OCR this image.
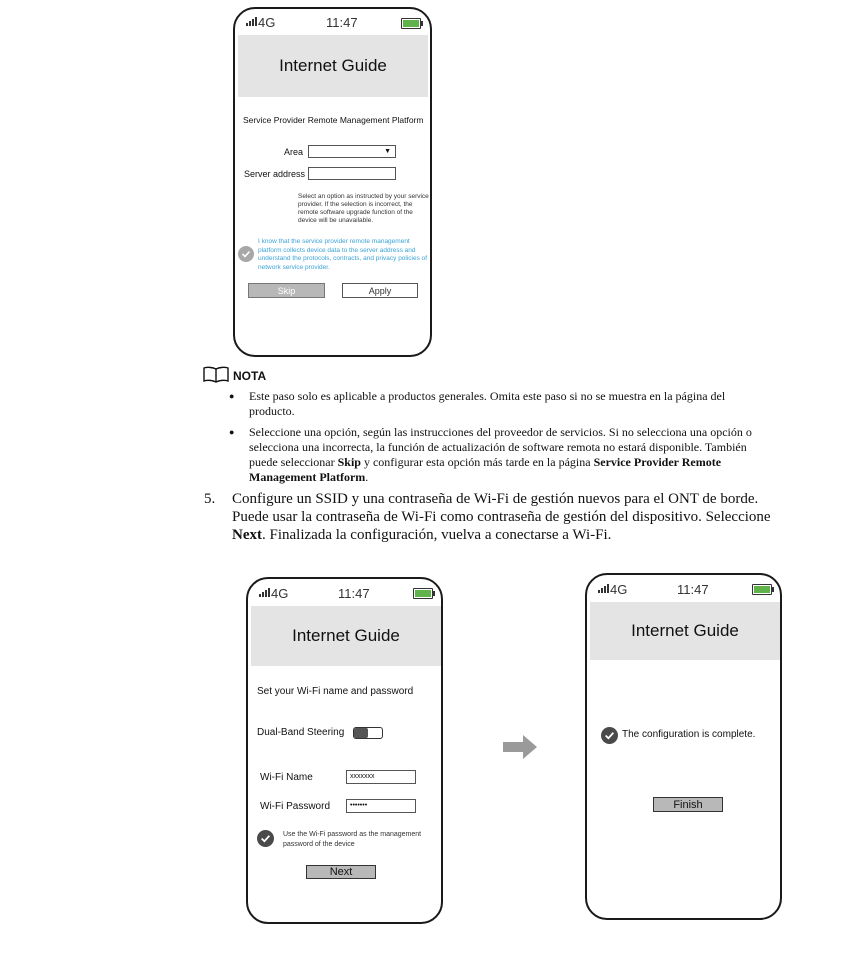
4G	11:47
Internet Guide
Service Provider Remote Management Platform
Area	▼
Server address
Select an option as instructed by your service provider. If the selection is incorrect, the remote software upgrade function of the device will be unavailable.
I know that the service provider remote management platform collects device data to the server address and understand the protocols, contracts, and privacy policies of network service provider.
Skip	Apply
NOTA
● Este paso solo es aplicable a productos generales. Omita este paso si no se muestra en la página del producto.
● Seleccione una opción, según las instrucciones del proveedor de servicios. Si no selecciona una opción o selecciona una incorrecta, la función de actualización de software remota no estará disponible. También puede seleccionar Skip y configurar esta opción más tarde en la página Service Provider Remote Management Platform.
5. Configure un SSID y una contraseña de Wi-Fi de gestión nuevos para el ONT de borde. Puede usar la contraseña de Wi-Fi como contraseña de gestión del dispositivo. Seleccione Next. Finalizada la configuración, vuelva a conectarse a Wi-Fi.
4G	11:47
Internet Guide
Set your Wi-Fi name and password
Dual-Band Steering
Wi-Fi Name	xxxxxxx
Wi-Fi Password	•••••••
Use the Wi-Fi password as the management password of the device
Next
4G	11:47
Internet Guide
The configuration is complete.
Finish
